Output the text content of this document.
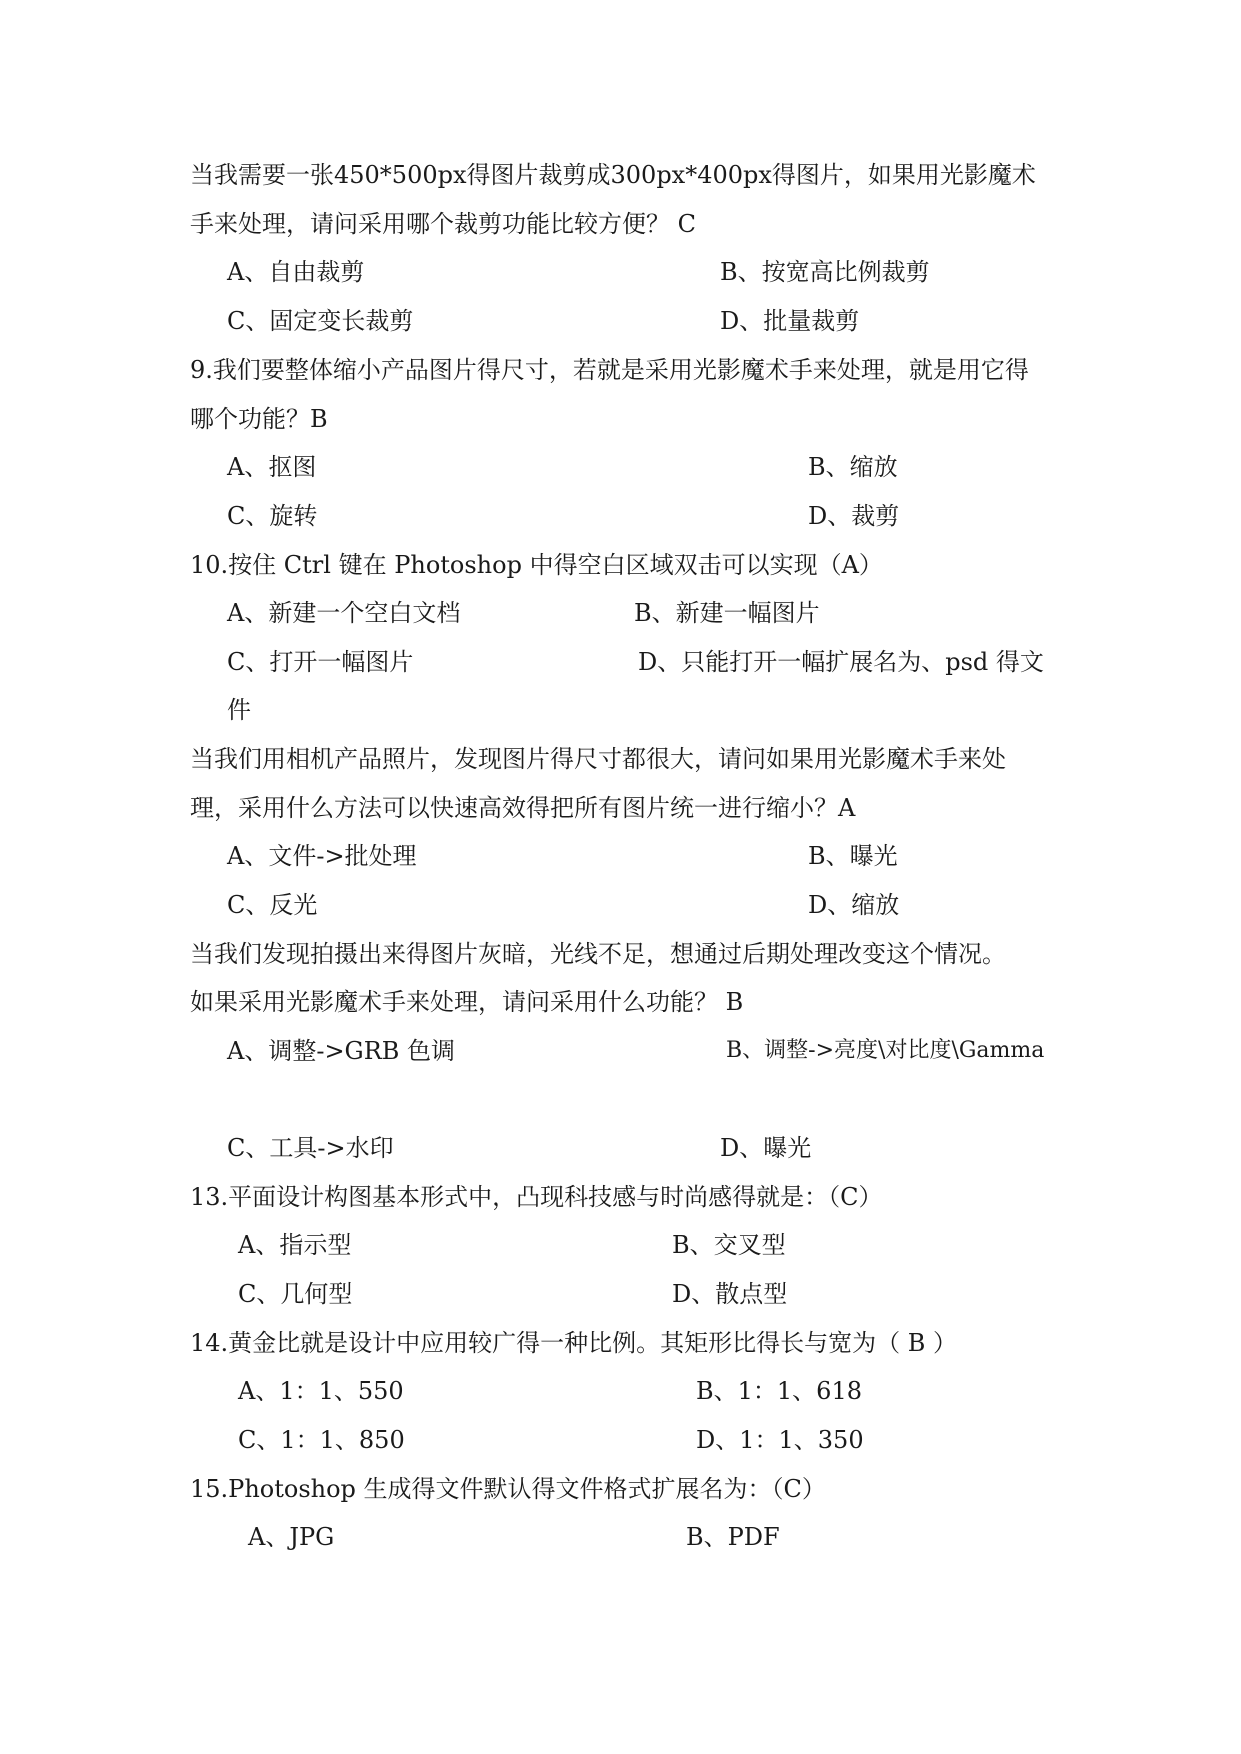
当我需要一张450*500px得图片裁剪成300px*400px得图片，如果用光影魔术
手来处理，请问采用哪个裁剪功能比较方便？ C
A、自由裁剪	B、按宽高比例裁剪
C、固定变长裁剪	D、批量裁剪
9.我们要整体缩小产品图片得尺寸，若就是采用光影魔术手来处理，就是用它得
哪个功能？B
A、抠图	B、缩放
C、旋转	D、裁剪
10.按住 Ctrl 键在 Photoshop 中得空白区域双击可以实现（A）
A、新建一个空白文档	B、新建一幅图片
C、打开一幅图片	D、只能打开一幅扩展名为、psd 得文
件
当我们用相机产品照片，发现图片得尺寸都很大，请问如果用光影魔术手来处
理，采用什么方法可以快速高效得把所有图片统一进行缩小？A
A、文件->批处理	B、曝光
C、反光	D、缩放
当我们发现拍摄出来得图片灰暗，光线不足，想通过后期处理改变这个情况。
如果采用光影魔术手来处理，请问采用什么功能？ B
A、调整->GRB 色调	B、调整->亮度\对比度\Gamma
C、工具->水印	D、曝光
13.平面设计构图基本形式中，凸现科技感与时尚感得就是：（C）
A、指示型	B、交叉型
C、几何型	D、散点型
14.黄金比就是设计中应用较广得一种比例。其矩形比得长与宽为（ B ）
A、1：1、550	B、1：1、618
C、1：1、850	D、1：1、350
15.Photoshop 生成得文件默认得文件格式扩展名为：（C）
A、JPG	B、PDF
